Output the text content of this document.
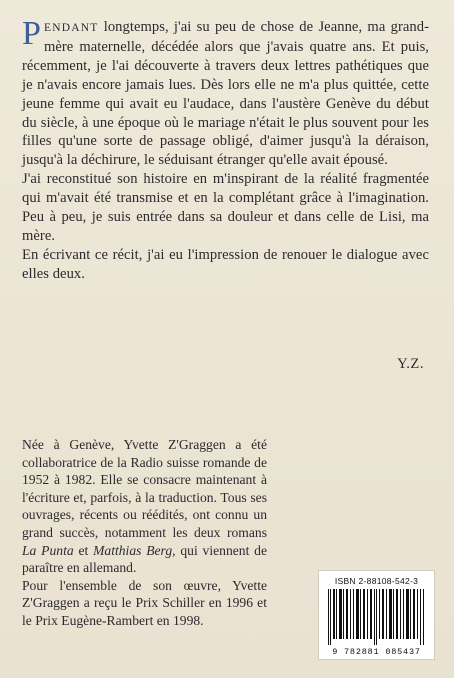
PENDANT longtemps, j'ai su peu de chose de Jeanne, ma grand-mère maternelle, décédée alors que j'avais quatre ans. Et puis, récemment, je l'ai découverte à travers deux lettres pathétiques que je n'avais encore jamais lues. Dès lors elle ne m'a plus quittée, cette jeune femme qui avait eu l'audace, dans l'austère Genève du début du siècle, à une époque où le mariage n'était le plus souvent pour les filles qu'une sorte de passage obligé, d'aimer jusqu'à la déraison, jusqu'à la déchirure, le séduisant étranger qu'elle avait épousé.

J'ai reconstitué son histoire en m'inspirant de la réalité fragmentée qui m'avait été transmise et en la complétant grâce à l'imagination. Peu à peu, je suis entrée dans sa douleur et dans celle de Lisi, ma mère.

En écrivant ce récit, j'ai eu l'impression de renouer le dialogue avec elles deux.

Y.Z.

Née à Genève, Yvette Z'Graggen a été collaboratrice de la Radio suisse romande de 1952 à 1982. Elle se consacre maintenant à l'écriture et, parfois, à la traduction. Tous ses ouvrages, récents ou réédités, ont connu un grand succès, notamment les deux romans La Punta et Matthias Berg, qui viennent de paraître en allemand.

Pour l'ensemble de son œuvre, Yvette Z'Graggen a reçu le Prix Schiller en 1996 et le Prix Eugène-Rambert en 1998.

ISBN 2-88108-542-3
9 782881 085437
